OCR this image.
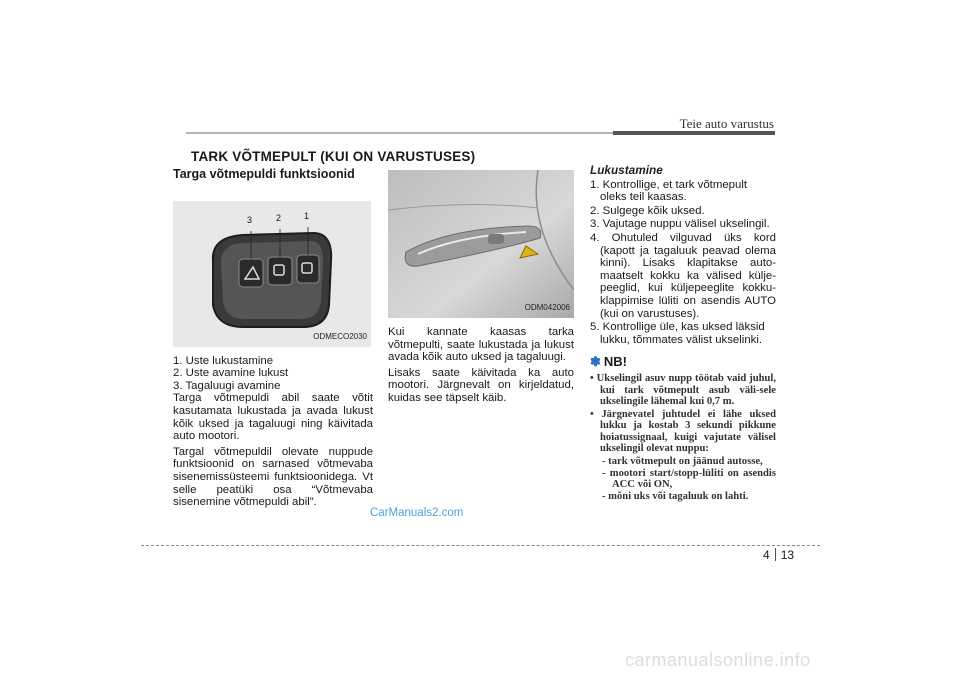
Teie auto varustus
TARK VÕTMEPULT (KUI ON VARUSTUSES)
Targa võtmepuldi funktsioonid
3	2	1
ODMECO2030
1. Uste lukustamine
2. Uste avamine lukust
3. Tagaluugi avamine
Targa võtmepuldi abil saate võtit kasutamata lukustada ja avada lukust kõik uksed ja tagaluugi ning käivitada auto mootori.
Targal võtmepuldil olevate nuppude funktsioonid on sarnased võtmevaba sisenemissüsteemi funktsioonidega. Vt selle peatüki osa “Võtmevaba sisenemine võtmepuldi abil”.
ODM042006
Kui kannate kaasas tarka võtmepulti, saate lukustada ja lukust avada kõik auto uksed ja tagaluugi.
Lisaks saate käivitada ka auto mootori. Järgnevalt on kirjeldatud, kuidas see täpselt käib.
Lukustamine
1. Kontrollige, et tark võtmepult oleks teil kaasas.
2. Sulgege kõik uksed.
3. Vajutage nuppu välisel ukselingil.
4. Ohutuled vilguvad üks kord (kapott ja tagaluuk peavad olema kinni). Lisaks klapitakse auto-maatselt kokku ka välised külje-peeglid, kui küljepeeglite kokku-klappimise lüliti on asendis AUTO (kui on varustuses).
5. Kontrollige üle, kas uksed läksid lukku, tõmmates välist ukselinki.
✽ NB!
• Ukselingil asuv nupp töötab vaid juhul, kui tark võtmepult asub väli-sele ukselingile lähemal kui 0,7 m.
• Järgnevatel juhtudel ei lähe uksed lukku ja kostab 3 sekundi pikkune hoiatussignaal, kuigi vajutate välisel ukselingil olevat nuppu:
- tark võtmepult on jäänud autosse,
- mootori start/stopp-lüliti on asendis ACC või ON,
- mõni uks või tagaluuk on lahti.
CarManuals2.com
4 13
carmanualsonline.info
